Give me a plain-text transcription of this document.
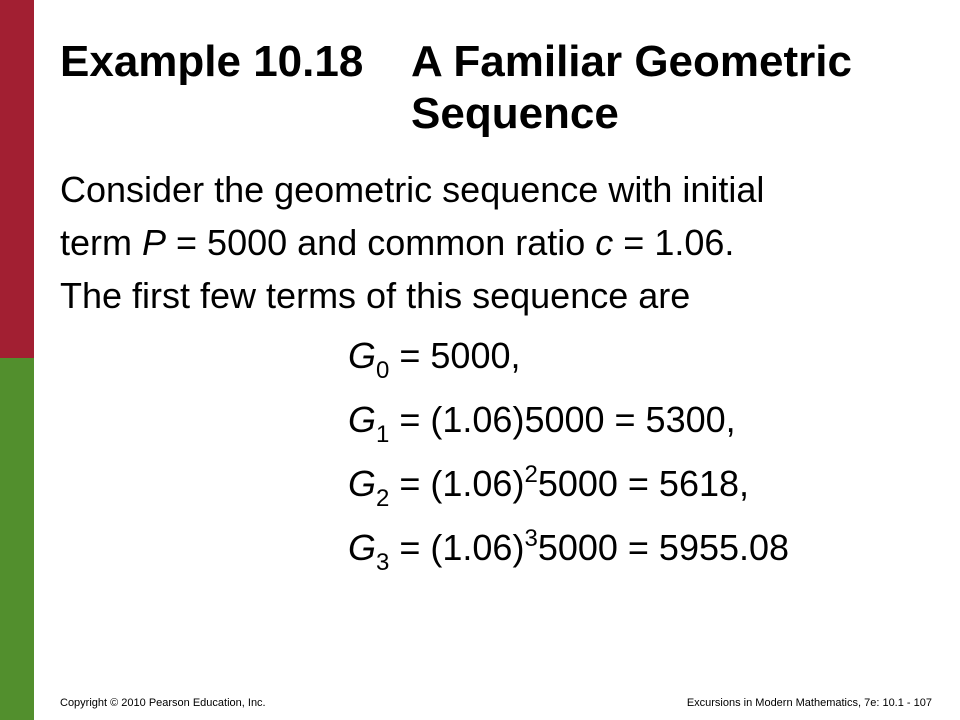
Example 10.18 A Familiar Geometric Sequence
Consider the geometric sequence with initial
term P = 5000 and common ratio c = 1.06.
The first few terms of this sequence are
$G_0 = 5000$,
$G_1 = (1.06)5000 = 5300$,
$G_2 = (1.06)^25000 = 5618$,
$G_3 = (1.06)^35000 = 5955.08$
Copyright © 2010 Pearson Education, Inc.	Excursions in Modern Mathematics, 7e: 10.1 - 107
